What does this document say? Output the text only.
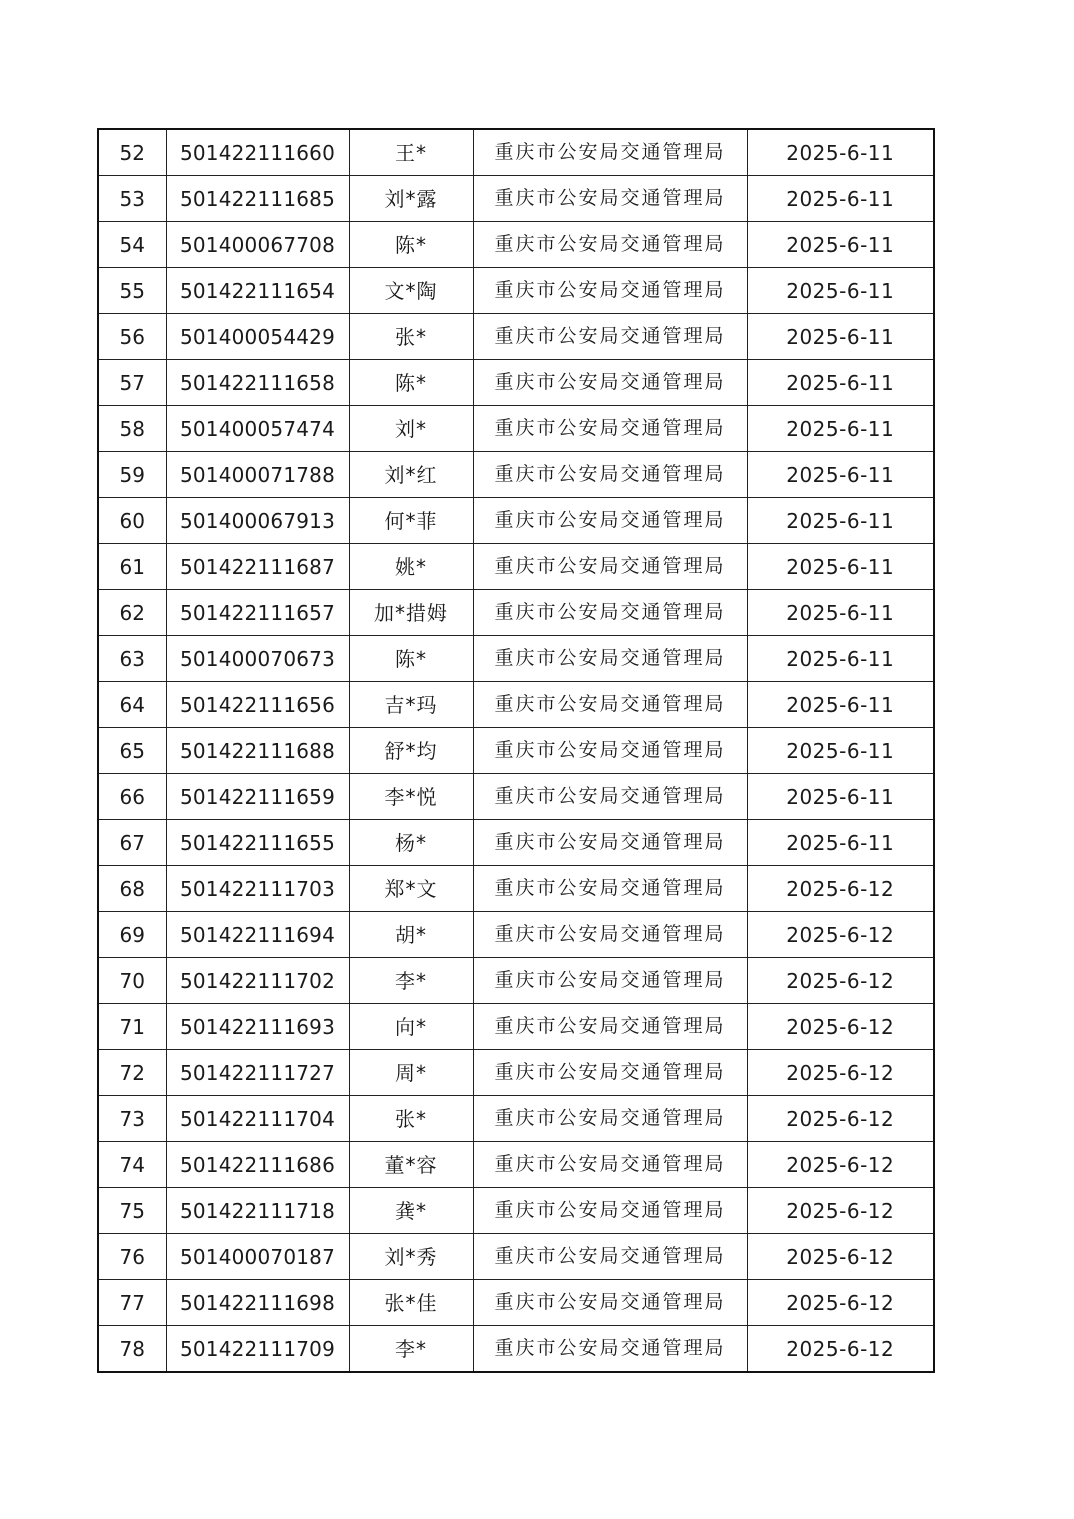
52	501422111660	王*	重庆市公安局交通管理局	2025-6-11
53	501422111685	刘*露	重庆市公安局交通管理局	2025-6-11
54	501400067708	陈*	重庆市公安局交通管理局	2025-6-11
55	501422111654	文*陶	重庆市公安局交通管理局	2025-6-11
56	501400054429	张*	重庆市公安局交通管理局	2025-6-11
57	501422111658	陈*	重庆市公安局交通管理局	2025-6-11
58	501400057474	刘*	重庆市公安局交通管理局	2025-6-11
59	501400071788	刘*红	重庆市公安局交通管理局	2025-6-11
60	501400067913	何*菲	重庆市公安局交通管理局	2025-6-11
61	501422111687	姚*	重庆市公安局交通管理局	2025-6-11
62	501422111657	加*措姆	重庆市公安局交通管理局	2025-6-11
63	501400070673	陈*	重庆市公安局交通管理局	2025-6-11
64	501422111656	吉*玛	重庆市公安局交通管理局	2025-6-11
65	501422111688	舒*均	重庆市公安局交通管理局	2025-6-11
66	501422111659	李*悦	重庆市公安局交通管理局	2025-6-11
67	501422111655	杨*	重庆市公安局交通管理局	2025-6-11
68	501422111703	郑*文	重庆市公安局交通管理局	2025-6-12
69	501422111694	胡*	重庆市公安局交通管理局	2025-6-12
70	501422111702	李*	重庆市公安局交通管理局	2025-6-12
71	501422111693	向*	重庆市公安局交通管理局	2025-6-12
72	501422111727	周*	重庆市公安局交通管理局	2025-6-12
73	501422111704	张*	重庆市公安局交通管理局	2025-6-12
74	501422111686	董*容	重庆市公安局交通管理局	2025-6-12
75	501422111718	龚*	重庆市公安局交通管理局	2025-6-12
76	501400070187	刘*秀	重庆市公安局交通管理局	2025-6-12
77	501422111698	张*佳	重庆市公安局交通管理局	2025-6-12
78	501422111709	李*	重庆市公安局交通管理局	2025-6-12
